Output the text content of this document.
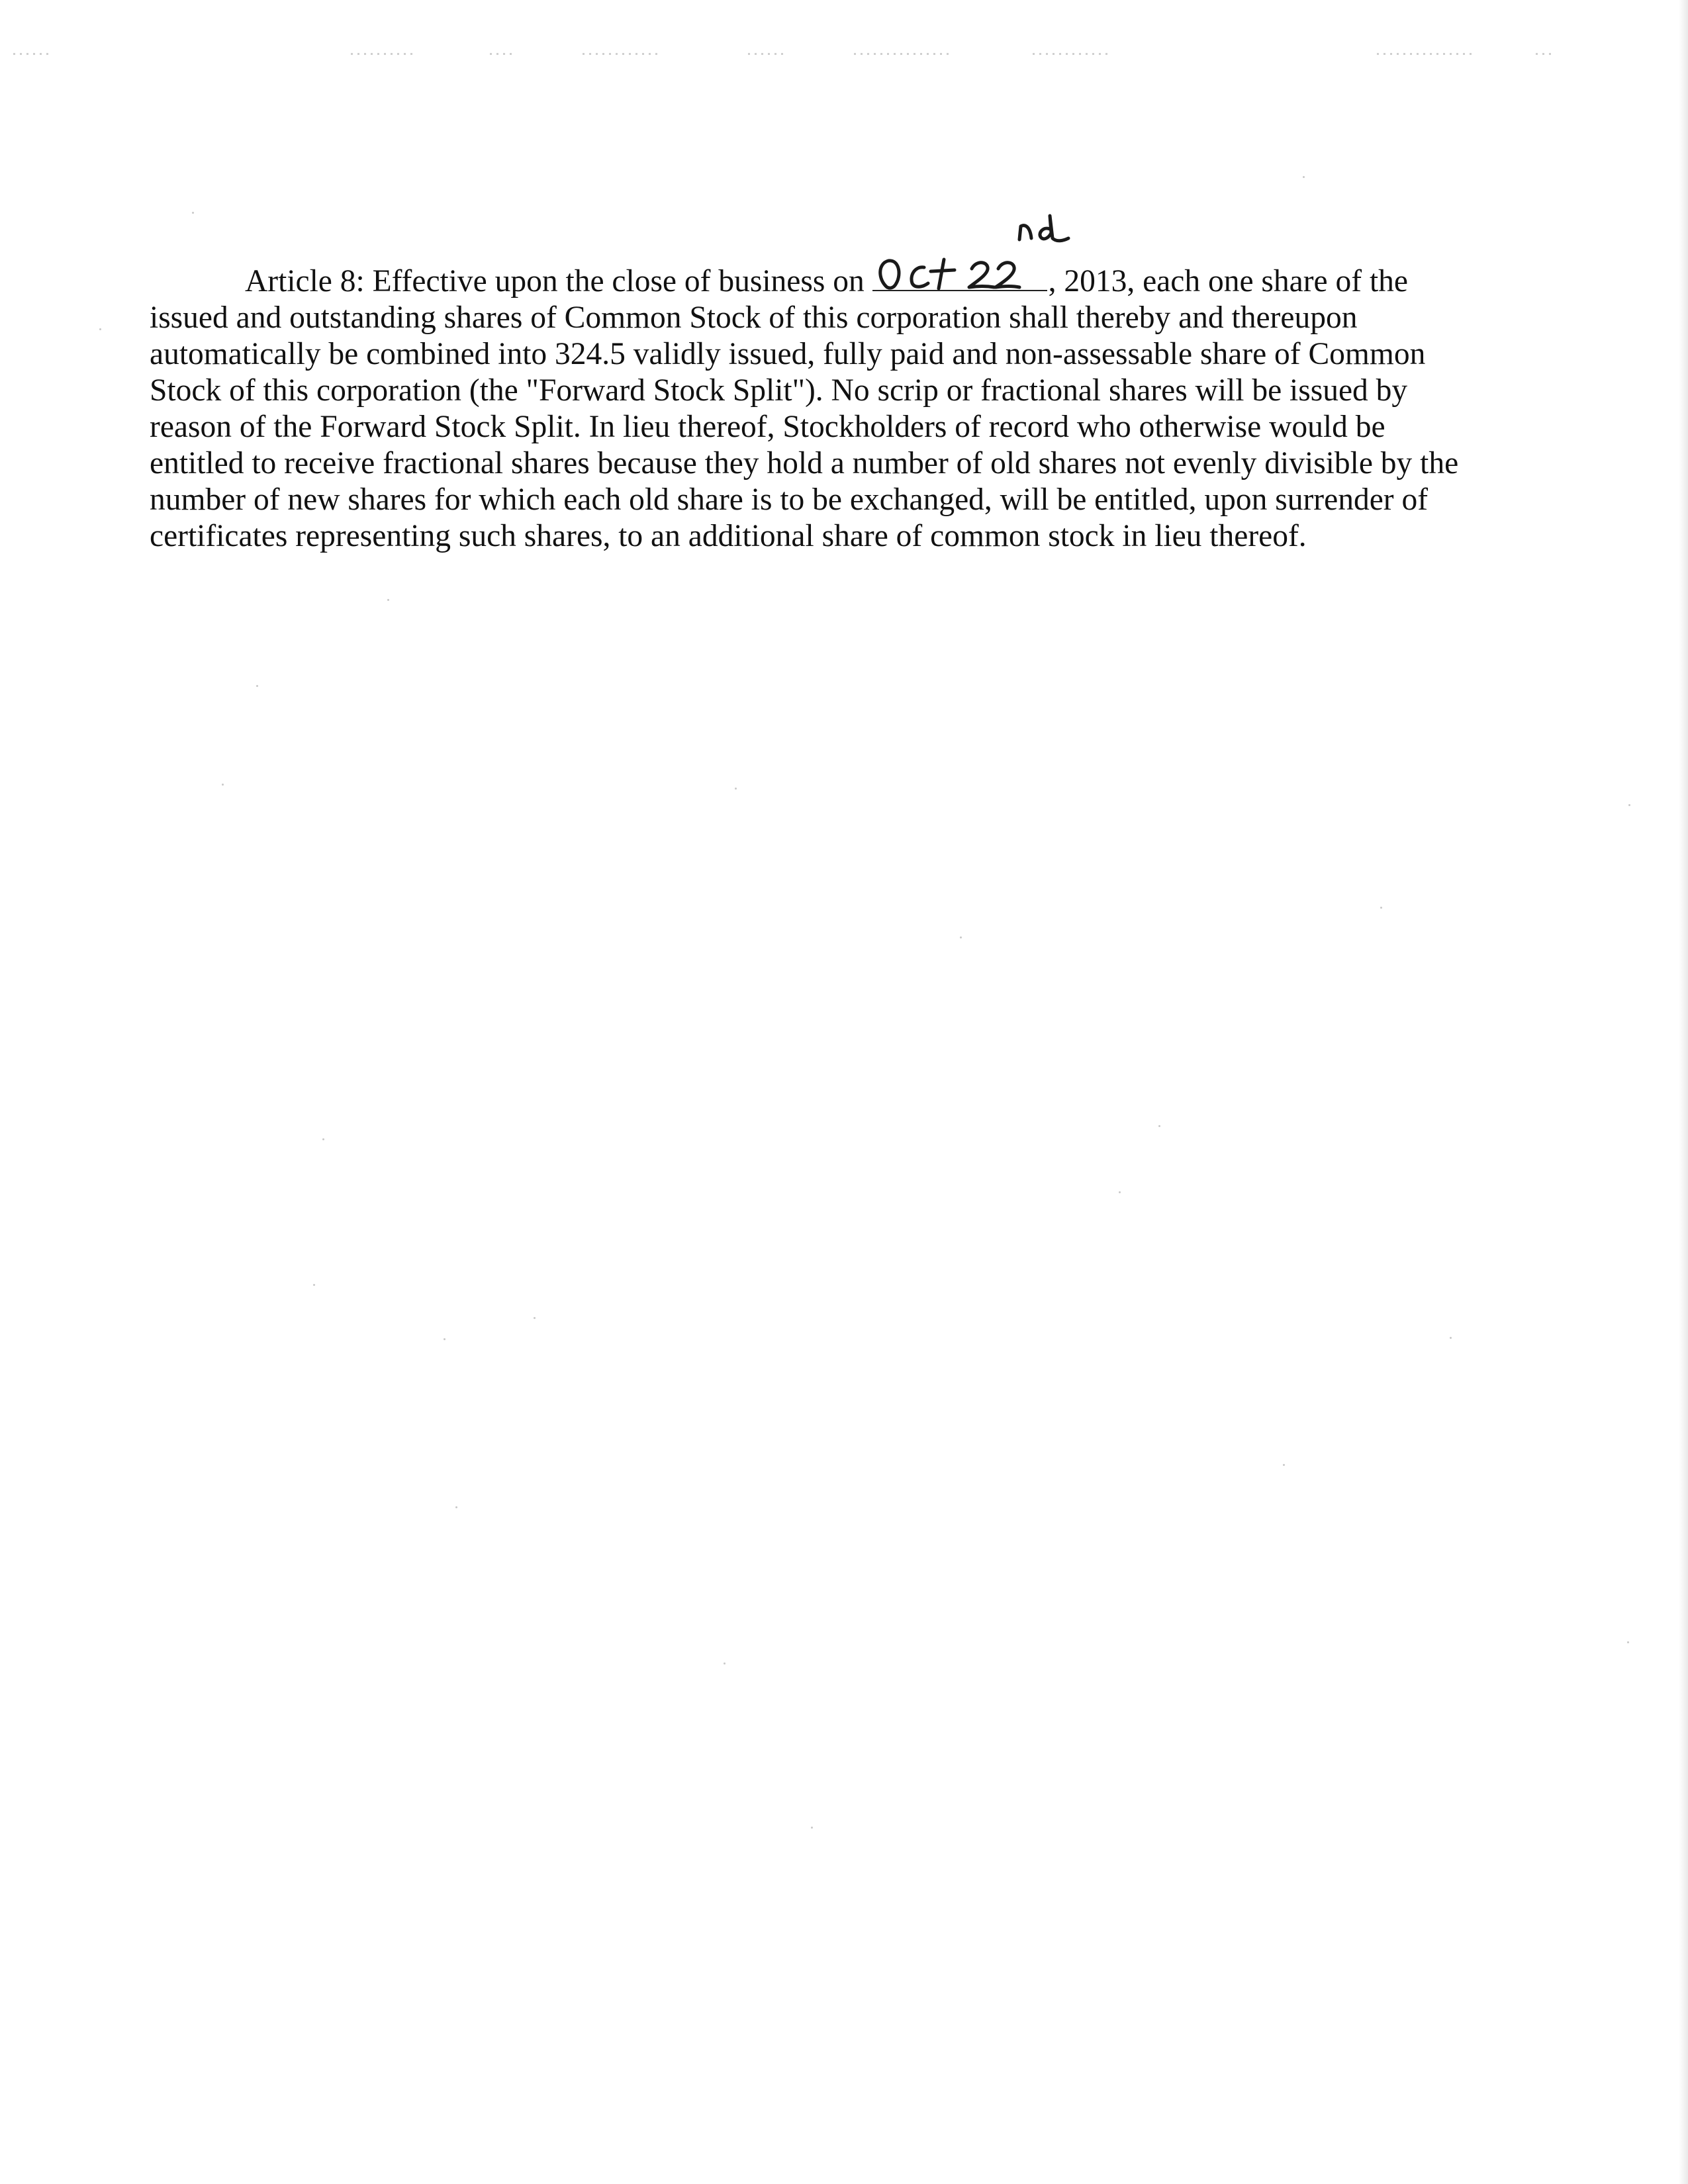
Article 8: Effective upon the close of business on	, 2013, each one share of the issued and outstanding shares of Common Stock of this corporation shall thereby and thereupon automatically be combined into 324.5 validly issued, fully paid and non-assessable share of Common Stock of this corporation (the "Forward Stock Split"). No scrip or fractional shares will be issued by reason of the Forward Stock Split. In lieu thereof, Stockholders of record who otherwise would be entitled to receive fractional shares because they hold a number of old shares not evenly divisible by the number of new shares for which each old share is to be exchanged, will be entitled, upon surrender of certificates representing such shares, to an additional share of common stock in lieu thereof.
